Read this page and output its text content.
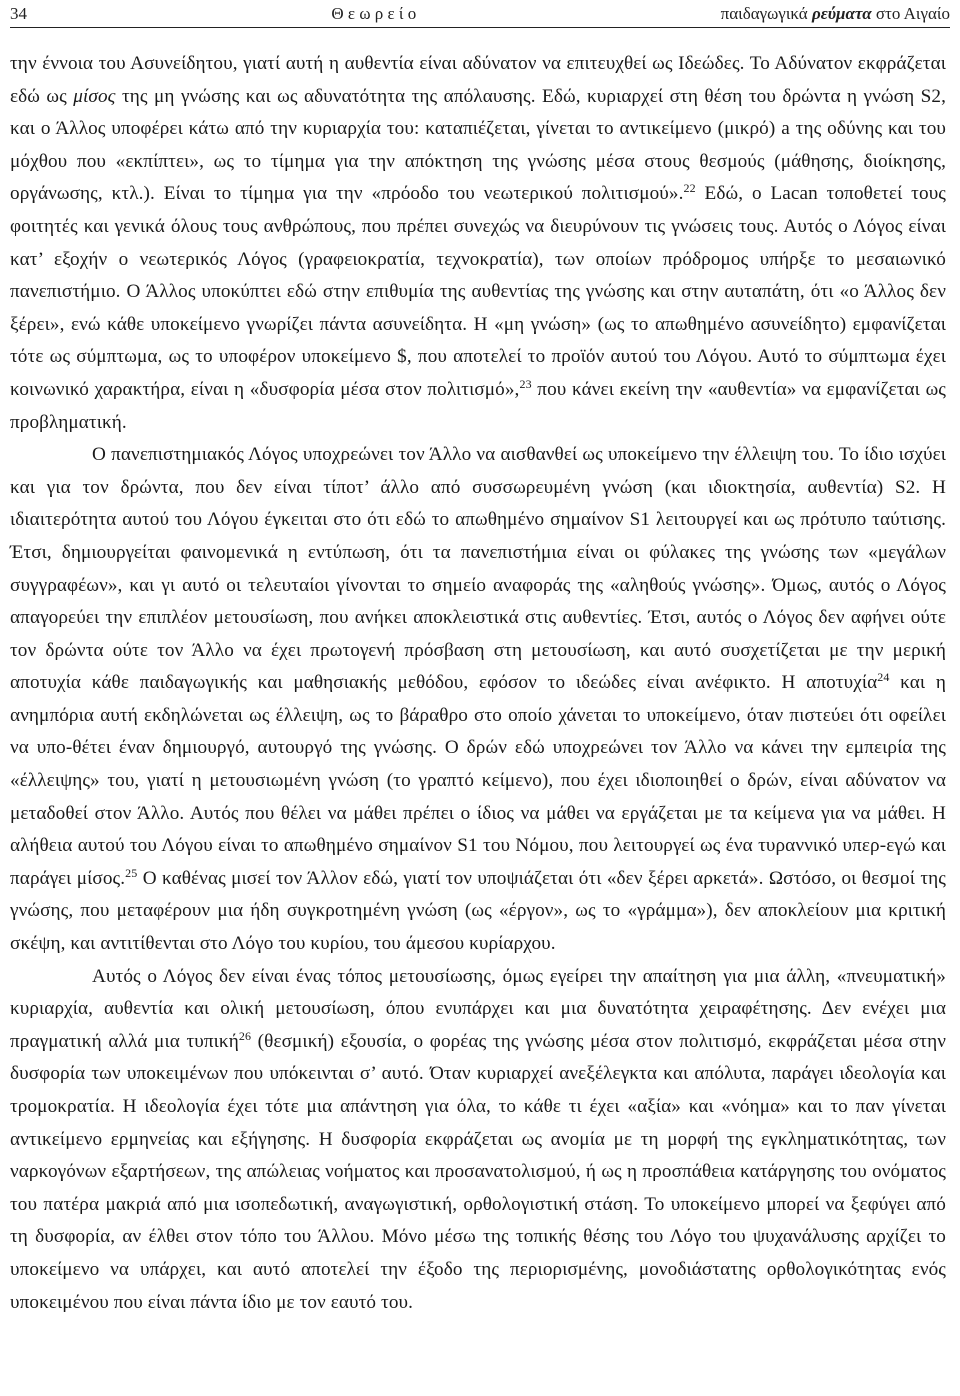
34	Θ ε ω ρ ε ί ο	παιδαγωγικά ρεύματα στο Αιγαίο

την έννοια του Ασυνείδητου, γιατί αυτή η αυθεντία είναι αδύνατον να επιτευχθεί ως Ιδεώδες. Το Αδύνατον εκφράζεται εδώ ως μίσος της μη γνώσης και ως αδυνατότητα της απόλαυσης. Εδώ, κυριαρχεί στη θέση του δρώντα η γνώση S2, και ο Άλλος υποφέρει κάτω από την κυριαρχία του: καταπιέζεται, γίνεται το αντικείμενο (μικρό) a της οδύνης και του μόχθου που «εκπίπτει», ως το τίμημα για την απόκτηση της γνώσης μέσα στους θεσμούς (μάθησης, διοίκησης, οργάνωσης, κτλ.). Είναι το τίμημα για την «πρόοδο του νεωτερικού πολιτισμού».$^{22}$ Εδώ, ο Lacan τοποθετεί τους φοιτητές και γενικά όλους τους ανθρώπους, που πρέπει συνεχώς να διευρύνουν τις γνώσεις τους. Αυτός ο Λόγος είναι κατ’ εξοχήν ο νεωτερικός Λόγος (γραφειοκρατία, τεχνοκρατία), των οποίων πρόδρομος υπήρξε το μεσαιωνικό πανεπιστήμιο. Ο Άλλος υποκύπτει εδώ στην επιθυμία της αυθεντίας της γνώσης και στην αυταπάτη, ότι «ο Άλλος δεν ξέρει», ενώ κάθε υποκείμενο γνωρίζει πάντα ασυνείδητα. Η «μη γνώση» (ως το απωθημένο ασυνείδητο) εμφανίζεται τότε ως σύμπτωμα, ως το υποφέρον υποκείμενο $, που αποτελεί το προϊόν αυτού του Λόγου. Αυτό το σύμπτωμα έχει κοινωνικό χαρακτήρα, είναι η «δυσφορία μέσα στον πολιτισμό»,$^{23}$ που κάνει εκείνη την «αυθεντία» να εμφανίζεται ως προβληματική.

Ο πανεπιστημιακός Λόγος υποχρεώνει τον Άλλο να αισθανθεί ως υποκείμενο την έλλειψη του. Το ίδιο ισχύει και για τον δρώντα, που δεν είναι τίποτ’ άλλο από συσσωρευμένη γνώση (και ιδιοκτησία, αυθεντία) S2. Η ιδιαιτερότητα αυτού του Λόγου έγκειται στο ότι εδώ το απωθημένο σημαίνον S1 λειτουργεί και ως πρότυπο ταύτισης. Έτσι, δημιουργείται φαινομενικά η εντύπωση, ότι τα πανεπιστήμια είναι οι φύλακες της γνώσης των «μεγάλων συγγραφέων», και γι αυτό οι τελευταίοι γίνονται το σημείο αναφοράς της «αληθούς γνώσης». Όμως, αυτός ο Λόγος απαγορεύει την επιπλέον μετουσίωση, που ανήκει αποκλειστικά στις αυθεντίες. Έτσι, αυτός ο Λόγος δεν αφήνει ούτε τον δρώντα ούτε τον Άλλο να έχει πρωτογενή πρόσβαση στη μετουσίωση, και αυτό συσχετίζεται με την μερική αποτυχία κάθε παιδαγωγικής και μαθησιακής μεθόδου, εφόσον το ιδεώδες είναι ανέφικτο. Η αποτυχία$^{24}$ και η ανημπόρια αυτή εκδηλώνεται ως έλλειψη, ως το βάραθρο στο οποίο χάνεται το υποκείμενο, όταν πιστεύει ότι οφείλει να υπο-θέτει έναν δημιουργό, αυτουργό της γνώσης. Ο δρών εδώ υποχρεώνει τον Άλλο να κάνει την εμπειρία της «έλλειψης» του, γιατί η μετουσιωμένη γνώση (το γραπτό κείμενο), που έχει ιδιοποιηθεί ο δρών, είναι αδύνατον να μεταδοθεί στον Άλλο. Αυτός που θέλει να μάθει πρέπει ο ίδιος να μάθει να εργάζεται με τα κείμενα για να μάθει. Η αλήθεια αυτού του Λόγου είναι το απωθημένο σημαίνον S1 του Νόμου, που λειτουργεί ως ένα τυραννικό υπερ-εγώ και παράγει μίσος.$^{25}$ Ο καθένας μισεί τον Άλλον εδώ, γιατί τον υποψιάζεται ότι «δεν ξέρει αρκετά». Ωστόσο, οι θεσμοί της γνώσης, που μεταφέρουν μια ήδη συγκροτημένη γνώση (ως «έργον», ως το «γράμμα»), δεν αποκλείουν μια κριτική σκέψη, και αντιτίθενται στο Λόγο του κυρίου, του άμεσου κυρίαρχου.

Αυτός ο Λόγος δεν είναι ένας τόπος μετουσίωσης, όμως εγείρει την απαίτηση για μια άλλη, «πνευματική» κυριαρχία, αυθεντία και ολική μετουσίωση, όπου ενυπάρχει και μια δυνατότητα χειραφέτησης. Δεν ενέχει μια πραγματική αλλά μια τυπική$^{26}$ (θεσμική) εξουσία, ο φορέας της γνώσης μέσα στον πολιτισμό, εκφράζεται μέσα στην δυσφορία των υποκειμένων που υπόκεινται σ’ αυτό. Όταν κυριαρχεί ανεξέλεγκτα και απόλυτα, παράγει ιδεολογία και τρομοκρατία. Η ιδεολογία έχει τότε μια απάντηση για όλα, το κάθε τι έχει «αξία» και «νόημα» και το παν γίνεται αντικείμενο ερμηνείας και εξήγησης. Η δυσφορία εκφράζεται ως ανομία με τη μορφή της εγκληματικότητας, των ναρκογόνων εξαρτήσεων, της απώλειας νοήματος και προσανατολισμού, ή ως η προσπάθεια κατάργησης του ονόματος του πατέρα μακριά από μια ισοπεδωτική, αναγωγιστική, ορθολογιστική στάση. Το υποκείμενο μπορεί να ξεφύγει από τη δυσφορία, αν έλθει στον τόπο του Άλλου. Μόνο μέσω της τοπικής θέσης του Λόγο του ψυχανάλυσης αρχίζει το υποκείμενο να υπάρχει, και αυτό αποτελεί την έξοδο της περιορισμένης, μονοδιάστατης ορθολογικότητας ενός υποκειμένου που είναι πάντα ίδιο με τον εαυτό του.
